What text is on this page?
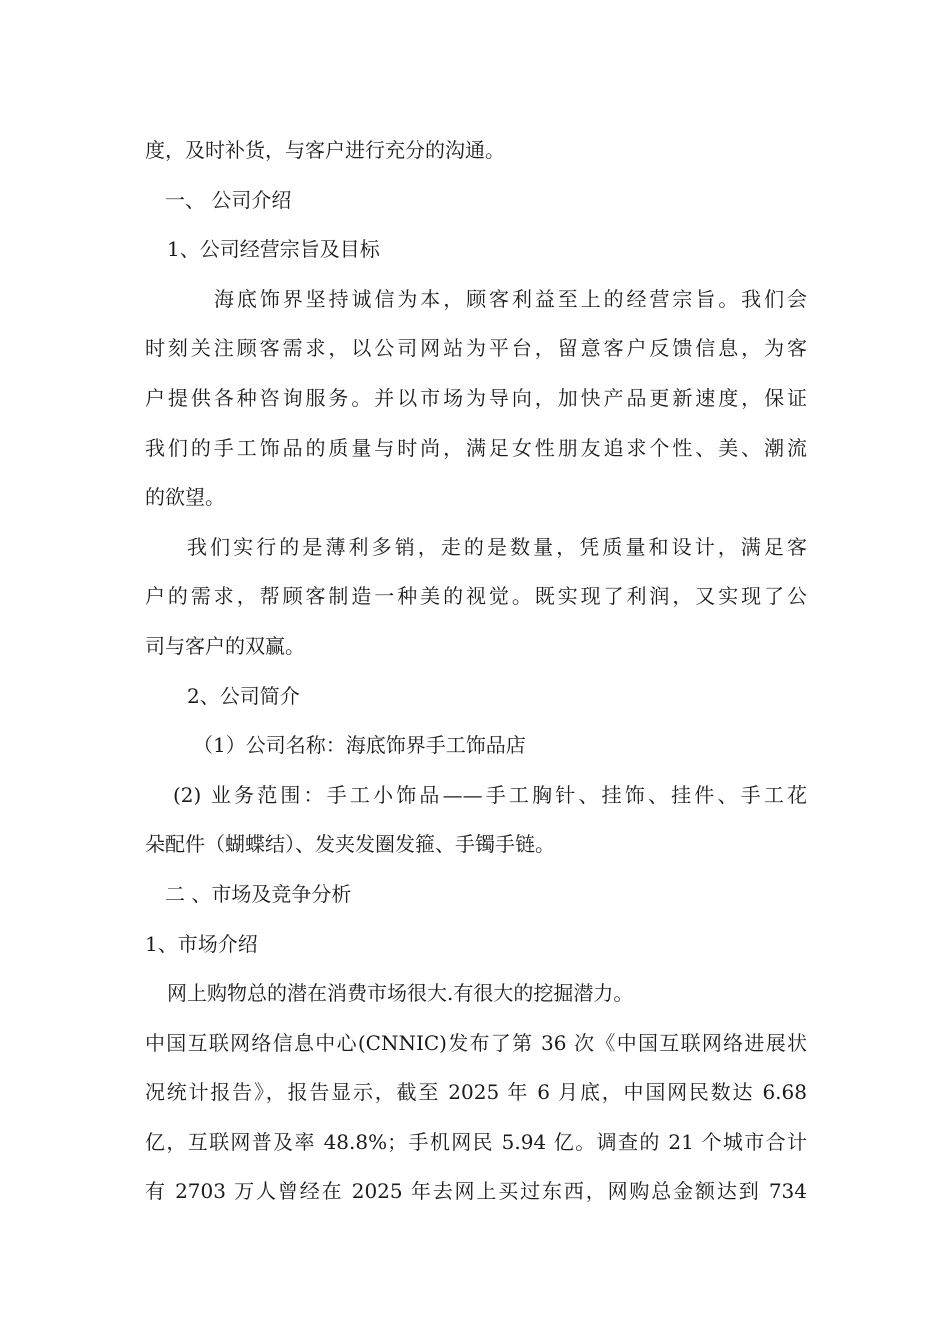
度，及时补货，与客户进行充分的沟通。
一、 公司介绍
1、公司经营宗旨及目标
海底饰界坚持诚信为本，顾客利益至上的经营宗旨。我们会
时刻关注顾客需求，以公司网站为平台，留意客户反馈信息，为客
户提供各种咨询服务。并以市场为导向，加快产品更新速度，保证
我们的手工饰品的质量与时尚，满足女性朋友追求个性、美、潮流
的欲望。
我们实行的是薄利多销，走的是数量，凭质量和设计，满足客
户的需求，帮顾客制造一种美的视觉。既实现了利润，又实现了公
司与客户的双赢。
2、公司简介
（1）公司名称：海底饰界手工饰品店
(2) 业务范围：手工小饰品——手工胸针、挂饰、挂件、手工花
朵配件（蝴蝶结）、发夹发圈发箍、手镯手链。
二 、市场及竞争分析
1、市场介绍
网上购物总的潜在消费市场很大.有很大的挖掘潜力。
中国互联网络信息中心(CNNIC)发布了第 36 次《中国互联网络进展状
况统计报告》，报告显示，截至 2025 年 6 月底，中国网民数达 6.68
亿，互联网普及率 48.8%；手机网民 5.94 亿。调查的 21 个城市合计
有 2703 万人曾经在 2025 年去网上买过东西，网购总金额达到 734
